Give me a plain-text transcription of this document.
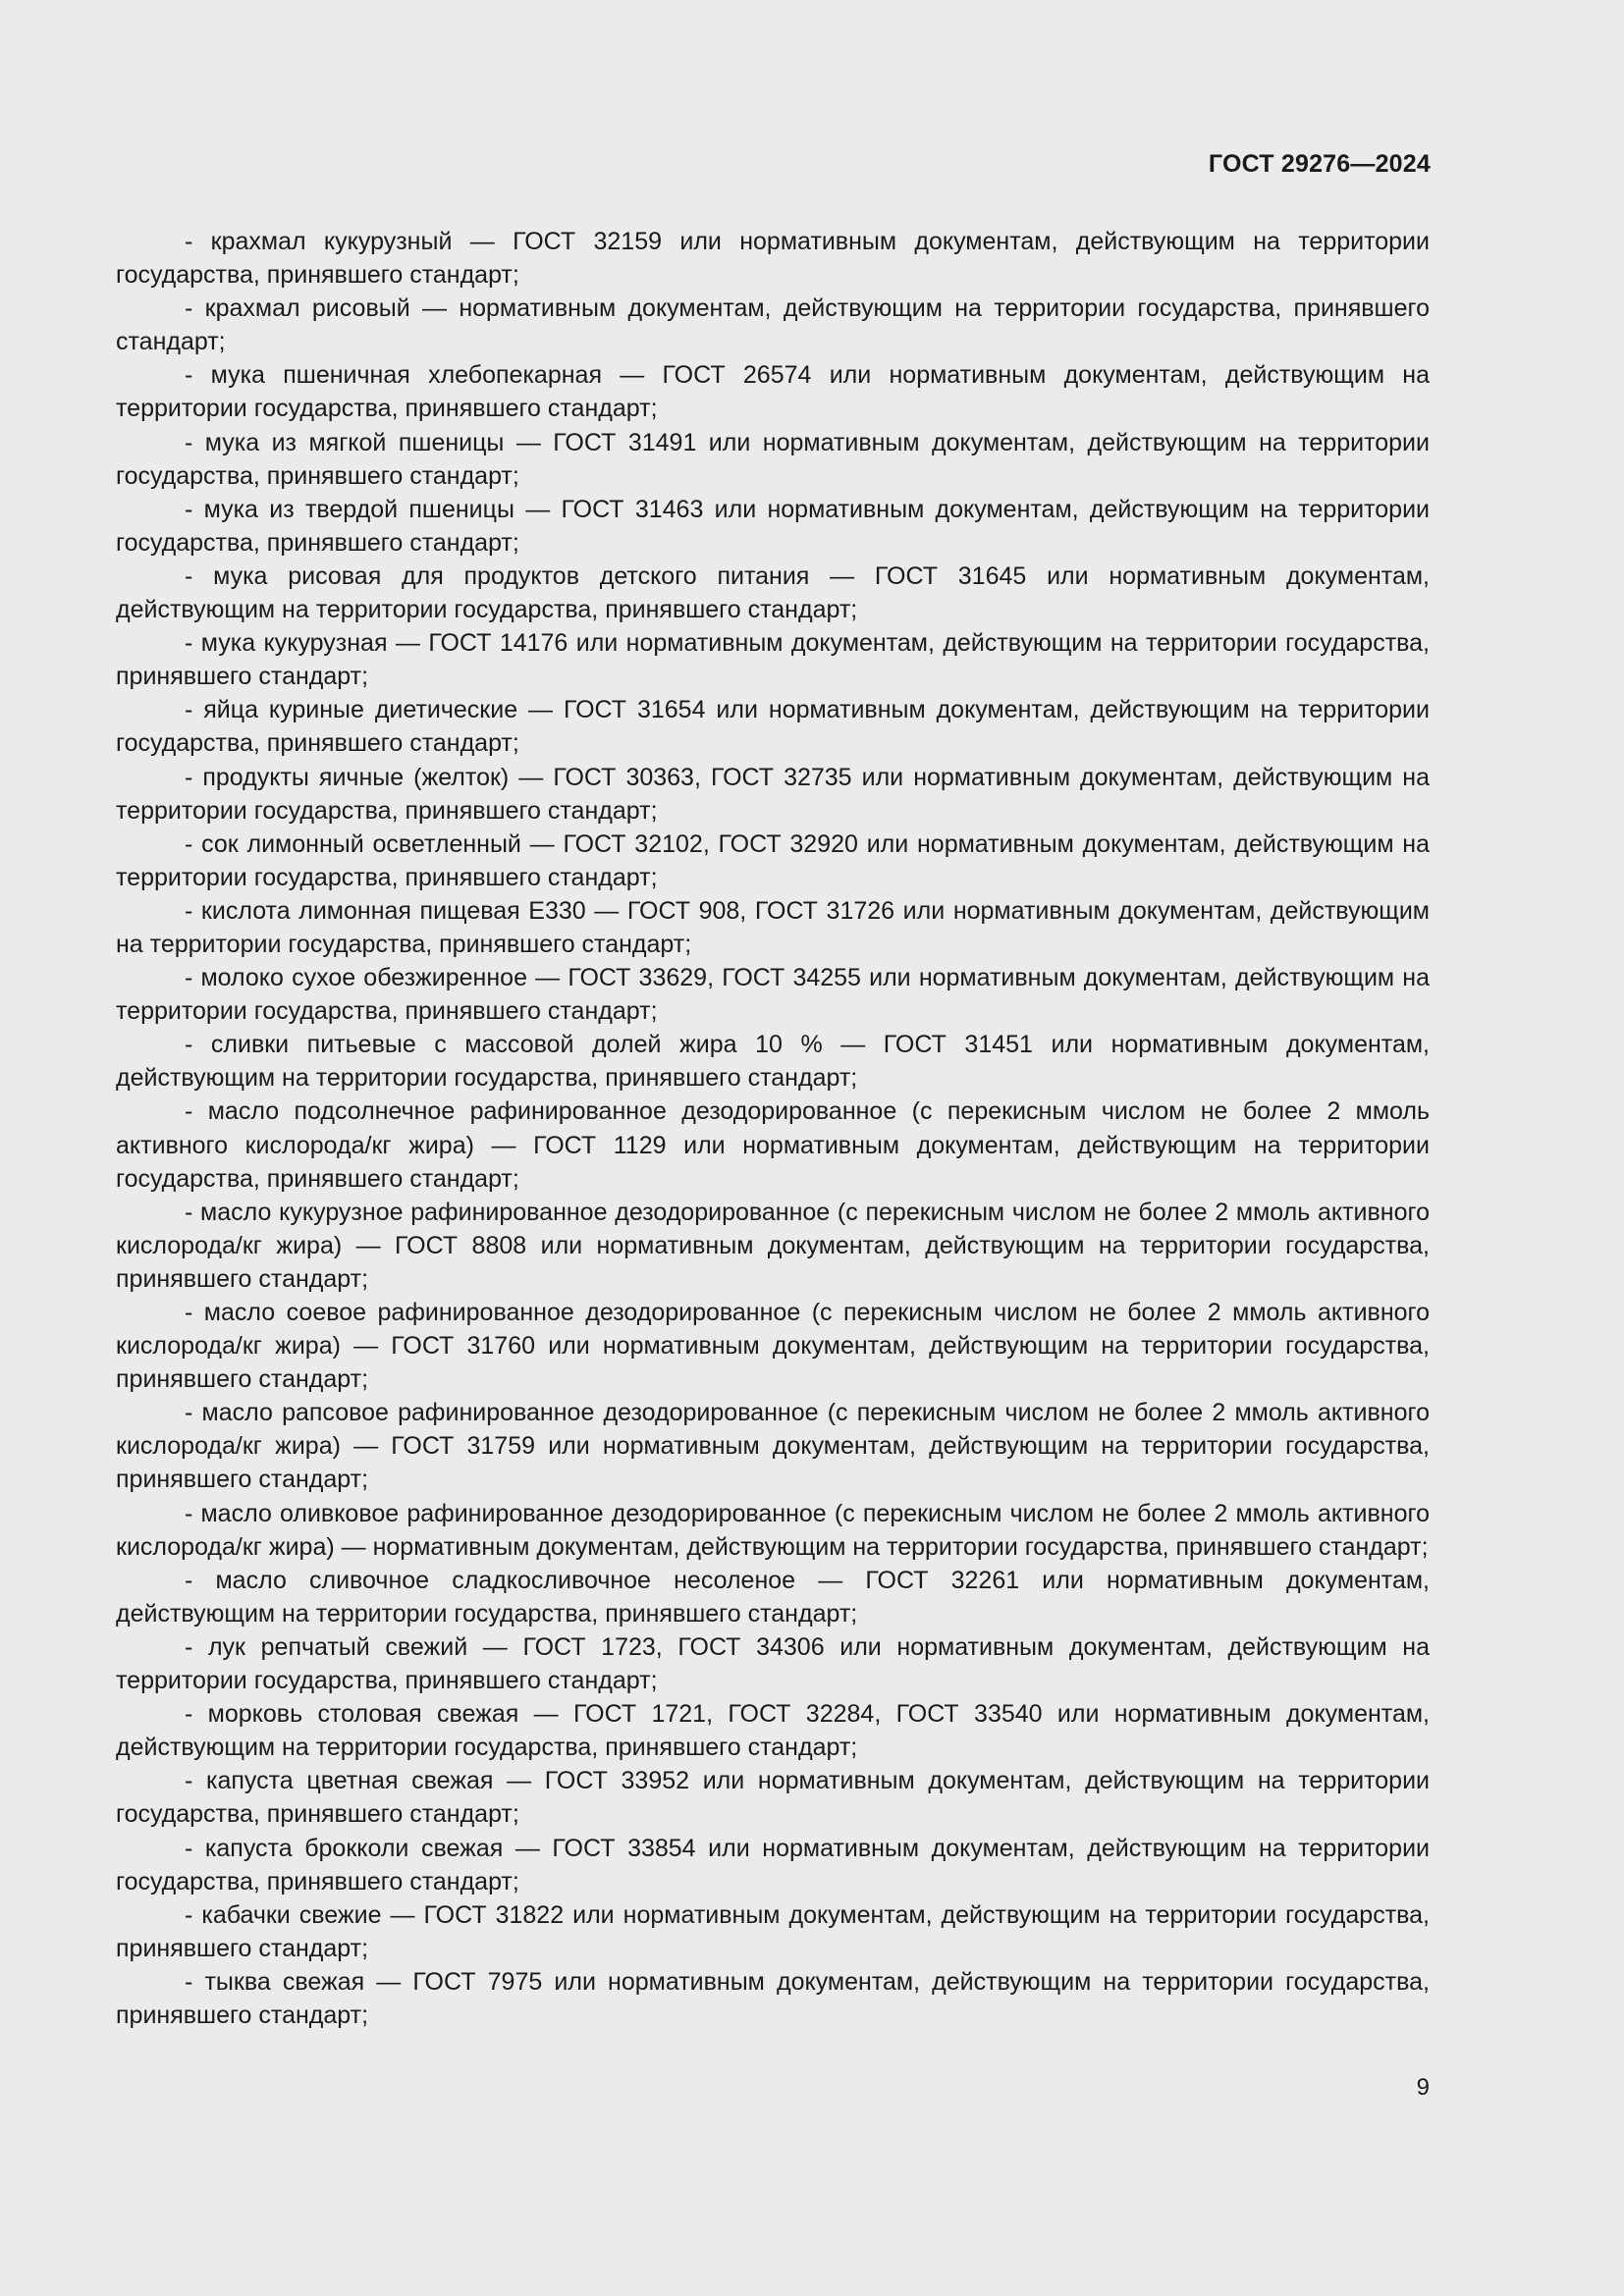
ГОСТ 29276—2024

- крахмал кукурузный — ГОСТ 32159 или нормативным документам, действующим на территории государства, принявшего стандарт;

- крахмал рисовый — нормативным документам, действующим на территории государства, принявшего стандарт;

- мука пшеничная хлебопекарная — ГОСТ 26574 или нормативным документам, действующим на территории государства, принявшего стандарт;

- мука из мягкой пшеницы — ГОСТ 31491 или нормативным документам, действующим на территории государства, принявшего стандарт;

- мука из твердой пшеницы — ГОСТ 31463 или нормативным документам, действующим на территории государства, принявшего стандарт;

- мука рисовая для продуктов детского питания — ГОСТ 31645 или нормативным документам, действующим на территории государства, принявшего стандарт;

- мука кукурузная — ГОСТ 14176 или нормативным документам, действующим на территории государства, принявшего стандарт;

- яйца куриные диетические — ГОСТ 31654 или нормативным документам, действующим на территории государства, принявшего стандарт;

- продукты яичные (желток) — ГОСТ 30363, ГОСТ 32735 или нормативным документам, действующим на территории государства, принявшего стандарт;

- сок лимонный осветленный — ГОСТ 32102, ГОСТ 32920 или нормативным документам, действующим на территории государства, принявшего стандарт;

- кислота лимонная пищевая Е330 — ГОСТ 908, ГОСТ 31726 или нормативным документам, действующим на территории государства, принявшего стандарт;

- молоко сухое обезжиренное — ГОСТ 33629, ГОСТ 34255 или нормативным документам, действующим на территории государства, принявшего стандарт;

- сливки питьевые с массовой долей жира 10 % — ГОСТ 31451 или нормативным документам, действующим на территории государства, принявшего стандарт;

- масло подсолнечное рафинированное дезодорированное (с перекисным числом не более 2 ммоль активного кислорода/кг жира) — ГОСТ 1129 или нормативным документам, действующим на территории государства, принявшего стандарт;

- масло кукурузное рафинированное дезодорированное (с перекисным числом не более 2 ммоль активного кислорода/кг жира) — ГОСТ 8808 или нормативным документам, действующим на территории государства, принявшего стандарт;

- масло соевое рафинированное дезодорированное (с перекисным числом не более 2 ммоль активного кислорода/кг жира) — ГОСТ 31760 или нормативным документам, действующим на территории государства, принявшего стандарт;

- масло рапсовое рафинированное дезодорированное (с перекисным числом не более 2 ммоль активного кислорода/кг жира) — ГОСТ 31759 или нормативным документам, действующим на территории государства, принявшего стандарт;

- масло оливковое рафинированное дезодорированное (с перекисным числом не более 2 ммоль активного кислорода/кг жира) — нормативным документам, действующим на территории государства, принявшего стандарт;

- масло сливочное сладкосливочное несоленое — ГОСТ 32261 или нормативным документам, действующим на территории государства, принявшего стандарт;

- лук репчатый свежий — ГОСТ 1723, ГОСТ 34306 или нормативным документам, действующим на территории государства, принявшего стандарт;

- морковь столовая свежая — ГОСТ 1721, ГОСТ 32284, ГОСТ 33540 или нормативным документам, действующим на территории государства, принявшего стандарт;

- капуста цветная свежая — ГОСТ 33952 или нормативным документам, действующим на территории государства, принявшего стандарт;

- капуста брокколи свежая — ГОСТ 33854 или нормативным документам, действующим на территории государства, принявшего стандарт;

- кабачки свежие — ГОСТ 31822 или нормативным документам, действующим на территории государства, принявшего стандарт;

- тыква свежая — ГОСТ 7975 или нормативным документам, действующим на территории государства, принявшего стандарт;

9
